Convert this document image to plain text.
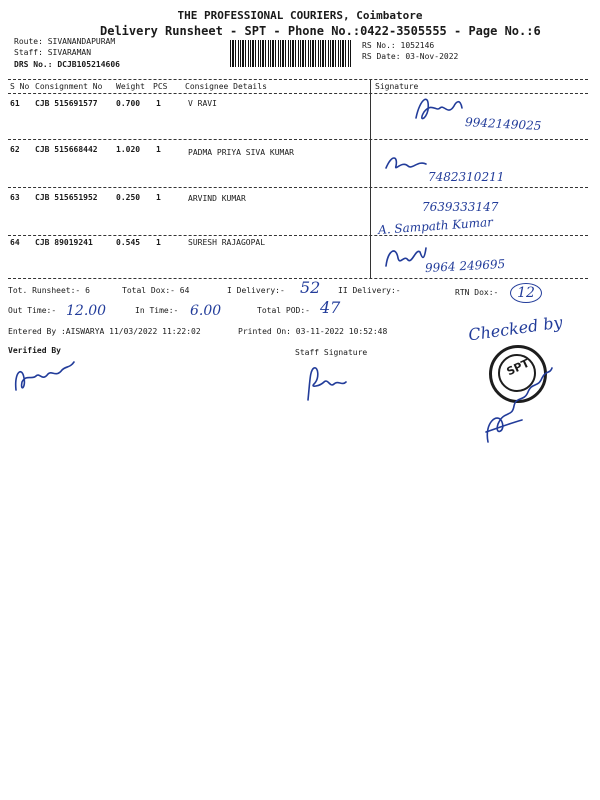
THE PROFESSIONAL COURIERS, Coimbatore
Delivery Runsheet - SPT - Phone No.:0422-3505555 - Page No.:6
Route: SIVANANDAPURAM
Staff: SIVARAMAN
DRS No.: DCJB105214606
RS No.: 1052146
RS Date: 03-Nov-2022
S No Consignment No Weight PCS Consignee Details	Signature
61 CJB 515691577 0.700 1	V RAVI
9942149025
62 CJB 515668442 1.020 1	PADMA PRIYA SIVA KUMAR
7482310211
63 CJB 515651952 0.250 1	ARVIND KUMAR
7639333147
A. Sampath Kumar
64 CJB 89019241	0.545 1	SURESH RAJAGOPAL
9964 249695
Tot. Runsheet:- 6	Total Dox:- 64	I Delivery:- 52 II Delivery:-	RTN Dox:-	12
Out Time:- 12.00	In Time:- 6.00	Total POD:- 47
Entered By :AISWARYA 11/03/2022 11:22:02	Printed On: 03-11-2022 10:52:48	Checked by
Verified By	Staff Signature
SPT
